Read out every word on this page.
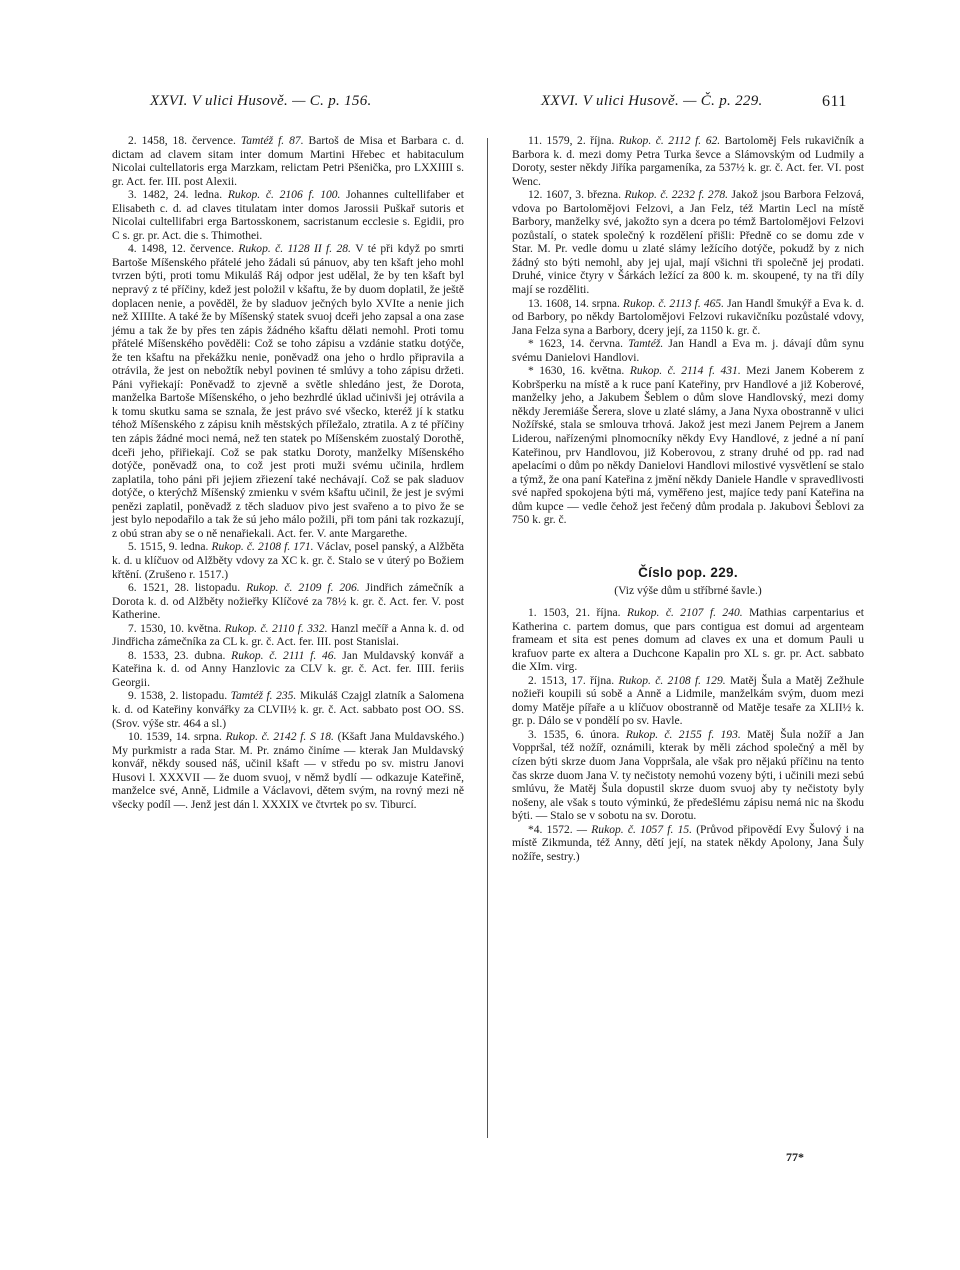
XXVI. V ulici Husově. — C. p. 156.	XXVI. V ulici Husově. — Č. p. 229.	611

2. 1458, 18. července. Tamtéž f. 87. Bartoš de Misa et Barbara c. d. dictam ad clavem sitam inter domum Martini Hřebec et habitaculum Nicolai cultellatoris erga Marzkam, relictam Petri Pšenička, pro LXXIIII s. gr. Act. fer. III. post Alexii.

3. 1482, 24. ledna. Rukop. č. 2106 f. 100. Johannes cultellifaber et Elisabeth c. d. ad claves titulatam inter domos Jarossii Puškař sutoris et Nicolai cultellifabri erga Bartosskonem, sacristanum ecclesie s. Egidii, pro C s. gr. pr. Act. die s. Thimothei.

4. 1498, 12. července. Rukop. č. 1128 II f. 28. V té při když po smrti Bartoše Míšenského přátelé jeho žádali sú pánuov, aby ten kšaft jeho mohl tvrzen býti, proti tomu Mikuláš Ráj odpor jest udělal, že by ten kšaft byl nepravý z té příčiny, kdež jest položil v kšaftu, že by duom doplatil, že ještě doplacen nenie, a pověděl, že by sladuov ječných bylo XVIte a nenie jich než XIIIIte. A také že by Míšenský statek svuoj dceři jeho zapsal a ona zase jému a tak že by přes ten zápis žádného kšaftu dělati nemohl. Proti tomu přátelé Míšenského pověděli: Což se toho zápisu a vzdánie statku dotýče, že ten kšaftu na překážku nenie, poněvadž ona jeho o hrdlo připravila a otrávila, že jest on nebožtík nebyl povinen té smlúvy a toho zápisu držeti. Páni vyřiekají: Poněvadž to zjevně a světle shledáno jest, že Dorota, manželka Bartoše Míšenského, o jeho bezhrdlé úklad učinivši jej otrávila a k tomu skutku sama se sznala, že jest právo své všecko, kteréž jí k statku téhož Míšenského z zápisu knih městských příležalo, ztratila. A z té příčiny ten zápis žádné moci nemá, než ten statek po Míšenském zuostalý Dorothě, dceři jeho, přiřiekají. Což se pak statku Doroty, manželky Míšenského dotýče, poněvadž ona, to což jest proti muži svému učinila, hrdlem zaplatila, toho páni při jejiem zřiezení také nechávají. Což se pak sladuov dotýče, o kterýchž Míšenský zmienku v svém kšaftu učinil, že jest je svými penězi zaplatil, poněvadž z těch sladuov pivo jest svařeno a to pivo že se jest bylo nepodařilo a tak že sú jeho málo požili, při tom páni tak rozkazují, z obú stran aby se o ně nenařiekali. Act. fer. V. ante Margarethe.

5. 1515, 9. ledna. Rukop. č. 2108 f. 171. Václav, posel panský, a Alžběta k. d. u klíčuov od Alžběty vdovy za XC k. gr. č. Stalo se v úterý po Božiem křtění. (Zrušeno r. 1517.)

6. 1521, 28. listopadu. Rukop. č. 2109 f. 206. Jindřich zámečník a Dorota k. d. od Alžběty nožieřky Klíčové za 78½ k. gr. č. Act. fer. V. post Katherine.

7. 1530, 10. května. Rukop. č. 2110 f. 332. Hanzl mečíř a Anna k. d. od Jindřicha zámečníka za CL k. gr. č. Act. fer. III. post Stanislai.

8. 1533, 23. dubna. Rukop. č. 2111 f. 46. Jan Muldavský konvář a Kateřina k. d. od Anny Hanzlovic za CLV k. gr. č. Act. fer. IIII. feriis Georgii.

9. 1538, 2. listopadu. Tamtéž f. 235. Mikuláš Czajgl zlatník a Salomena k. d. od Kateřiny konvářky za CLVII½ k. gr. č. Act. sabbato post OO. SS. (Srov. výše str. 464 a sl.)

10. 1539, 14. srpna. Rukop. č. 2142 f. S 18. (Kšaft Jana Muldavského.) My purkmistr a rada Star. M. Pr. známo činíme — kterak Jan Muldavský konvář, někdy soused náš, učinil kšaft — v středu po sv. mistru Janovi Husovi l. XXXVII — že duom svuoj, v němž bydlí — odkazuje Kateřině, manželce své, Anně, Lidmile a Václavovi, dětem svým, na rovný mezi ně všecky podíl —. Jenž jest dán l. XXXIX ve čtvrtek po sv. Tiburcí.

11. 1579, 2. října. Rukop. č. 2112 f. 62. Bartoloměj Fels rukavičník a Barbora k. d. mezi domy Petra Turka ševce a Slámovským od Ludmily a Doroty, sester někdy Jiříka pargameníka, za 537½ k. gr. č. Act. fer. VI. post Wenc.

12. 1607, 3. března. Rukop. č. 2232 f. 278. Jakož jsou Barbora Felzová, vdova po Bartolomějovi Felzovi, a Jan Felz, též Martin Lecl na místě Barbory, manželky své, jakožto syn a dcera po témž Bartolomějovi Felzovi pozůstalí, o statek společný k rozdělení přišli: Předně co se domu zde v Star. M. Pr. vedle domu u zlaté slámy ležícího dotýče, pokudž by z nich žádný sto býti nemohl, aby jej ujal, mají všichni tři společně jej prodati. Druhé, vinice čtyry v Šárkách ležící za 800 k. m. skoupené, ty na tři díly mají se rozděliti.

13. 1608, 14. srpna. Rukop. č. 2113 f. 465. Jan Handl šmukýř a Eva k. d. od Barbory, po někdy Bartolomějovi Felzovi rukavičníku pozůstalé vdovy, Jana Felza syna a Barbory, dcery její, za 1150 k. gr. č.

* 1623, 14. června. Tamtéž. Jan Handl a Eva m. j. dávají dům synu svému Danielovi Handlovi.

* 1630, 16. května. Rukop. č. 2114 f. 431. Mezi Janem Koberem z Kobršperku na místě a k ruce paní Kateřiny, prv Handlové a již Koberové, manželky jeho, a Jakubem Šeblem o dům slove Handlovský, mezi domy někdy Jeremiáše Šerera, slove u zlaté slámy, a Jana Nyxa obostranně v ulici Nožířské, stala se smlouva trhová. Jakož jest mezi Janem Pejrem a Janem Liderou, nařízenými plnomocníky někdy Evy Handlové, z jedné a ní paní Kateřinou, prv Handlovou, již Koberovou, z strany druhé od pp. rad nad apelacími o dům po někdy Danielovi Handlovi milostivé vysvětlení se stalo a týmž, že ona paní Kateřina z jmění někdy Daniele Handle v spravedlivosti své napřed spokojena býti má, vyměřeno jest, majíce tedy paní Kateřina na dům kupce — vedle čehož jest řečený dům prodala p. Jakubovi Šeblovi za 750 k. gr. č.

Číslo pop. 229.
(Viz výše dům u stříbrné šavle.)

1. 1503, 21. října. Rukop. č. 2107 f. 240. Mathias carpentarius et Katherina c. partem domus, que pars contigua est domui ad argenteam frameam et sita est penes domum ad claves ex una et domum Pauli u krafuov parte ex altera a Duchcone Kapalin pro XL s. gr. pr. Act. sabbato die XIm. virg.

2. 1513, 17. října. Rukop. č. 2108 f. 129. Matěj Šula a Matěj Zežhule nožieři koupili sú sobě a Anně a Lidmile, manželkám svým, duom mezi domy Matěje pířaře a u klíčuov obostranně od Matěje tesaře za XLII½ k. gr. p. Dálo se v pondělí po sv. Havle.

3. 1535, 6. února. Rukop. č. 2155 f. 193. Matěj Šula nožíř a Jan Voppršal, též nožíř, oznámili, kterak by měli záchod společný a měl by cízen býti skrze duom Jana Voppršala, ale však pro nějakú příčinu na tento čas skrze duom Jana V. ty nečistoty nemohú vozeny býti, i učinili mezi sebú smlúvu, že Matěj Šula dopustil skrze duom svuoj aby ty nečistoty byly nošeny, ale však s touto výminkú, že předešlému zápisu nemá nic na škodu býti. — Stalo se v sobotu na sv. Dorotu.

*4. 1572. — Rukop. č. 1057 f. 15. (Průvod připovědí Evy Šulový i na místě Zikmunda, též Anny, dětí její, na statek někdy Apolony, Jana Šuly nožíře, sestry.)

77*
